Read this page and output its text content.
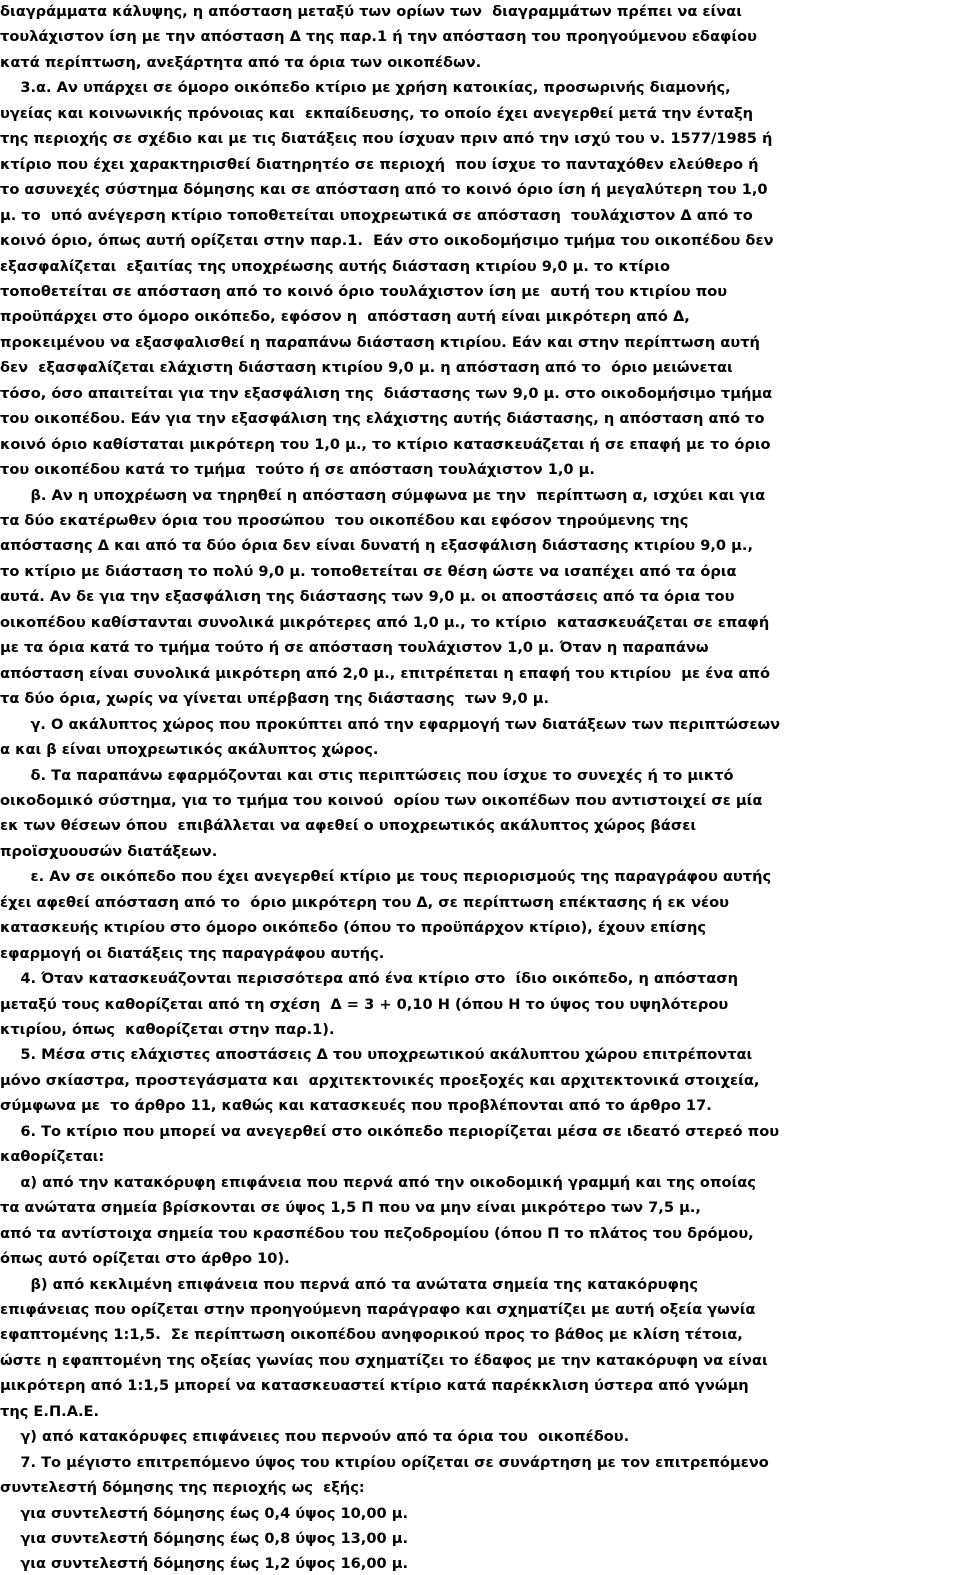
διαγράμματα κάλυψης, η απόσταση μεταξύ των ορίων των  διαγραμμάτων πρέπει να είναι
τουλάχιστον ίση με την απόσταση Δ της παρ.1 ή την απόσταση του προηγούμενου εδαφίου
κατά περίπτωση, ανεξάρτητα από τα όρια των οικοπέδων.
3.α. Αν υπάρχει σε όμορο οικόπεδο κτίριο με χρήση κατοικίας, προσωρινής διαμονής,
υγείας και κοινωνικής πρόνοιας και  εκπαίδευσης, το οποίο έχει ανεγερθεί μετά την ένταξη
της περιοχής σε σχέδιο και με τις διατάξεις που ίσχυαν πριν από την ισχύ του ν. 1577/1985 ή
κτίριο που έχει χαρακτηρισθεί διατηρητέο σε περιοχή  που ίσχυε το πανταχόθεν ελεύθερο ή
το ασυνεχές σύστημα δόμησης και σε απόσταση από το κοινό όριο ίση ή μεγαλύτερη του 1,0
μ. το  υπό ανέγερση κτίριο τοποθετείται υποχρεωτικά σε απόσταση  τουλάχιστον Δ από το
κοινό όριο, όπως αυτή ορίζεται στην παρ.1.  Εάν στο οικοδομήσιμο τμήμα του οικοπέδου δεν
εξασφαλίζεται  εξαιτίας της υποχρέωσης αυτής διάσταση κτιρίου 9,0 μ. το κτίριο
τοποθετείται σε απόσταση από το κοινό όριο τουλάχιστον ίση με  αυτή του κτιρίου που
προϋπάρχει στο όμορο οικόπεδο, εφόσον η  απόσταση αυτή είναι μικρότερη από Δ,
προκειμένου να εξασφαλισθεί η παραπάνω διάσταση κτιρίου. Εάν και στην περίπτωση αυτή
δεν  εξασφαλίζεται ελάχιστη διάσταση κτιρίου 9,0 μ. η απόσταση από το  όριο μειώνεται
τόσο, όσο απαιτείται για την εξασφάλιση της  διάστασης των 9,0 μ. στο οικοδομήσιμο τμήμα
του οικοπέδου. Εάν για την εξασφάλιση της ελάχιστης αυτής διάστασης, η απόσταση από το
κοινό όριο καθίσταται μικρότερη του 1,0 μ., το κτίριο κατασκευάζεται ή σε επαφή με το όριο
του οικοπέδου κατά το τμήμα  τούτο ή σε απόσταση τουλάχιστον 1,0 μ.
β. Αν η υποχρέωση να τηρηθεί η απόσταση σύμφωνα με την  περίπτωση α, ισχύει και για
τα δύο εκατέρωθεν όρια του προσώπου  του οικοπέδου και εφόσον τηρούμενης της
απόστασης Δ και από τα δύο όρια δεν είναι δυνατή η εξασφάλιση διάστασης κτιρίου 9,0 μ.,
το κτίριο με διάσταση το πολύ 9,0 μ. τοποθετείται σε θέση ώστε να ισαπέχει από τα όρια
αυτά. Αν δε για την εξασφάλιση της διάστασης των 9,0 μ. οι αποστάσεις από τα όρια του
οικοπέδου καθίστανται συνολικά μικρότερες από 1,0 μ., το κτίριο  κατασκευάζεται σε επαφή
με τα όρια κατά το τμήμα τούτο ή σε απόσταση τουλάχιστον 1,0 μ. Όταν η παραπάνω
απόσταση είναι συνολικά μικρότερη από 2,0 μ., επιτρέπεται η επαφή του κτιρίου  με ένα από
τα δύο όρια, χωρίς να γίνεται υπέρβαση της διάστασης  των 9,0 μ.
γ. Ο ακάλυπτος χώρος που προκύπτει από την εφαρμογή των διατάξεων των περιπτώσεων
α και β είναι υποχρεωτικός ακάλυπτος χώρος.
δ. Τα παραπάνω εφαρμόζονται και στις περιπτώσεις που ίσχυε το συνεχές ή το μικτό
οικοδομικό σύστημα, για το τμήμα του κοινού  ορίου των οικοπέδων που αντιστοιχεί σε μία
εκ των θέσεων όπου  επιβάλλεται να αφεθεί ο υποχρεωτικός ακάλυπτος χώρος βάσει
προϊσχυουσών διατάξεων.
ε. Αν σε οικόπεδο που έχει ανεγερθεί κτίριο με τους περιορισμούς της παραγράφου αυτής
έχει αφεθεί απόσταση από το  όριο μικρότερη του Δ, σε περίπτωση επέκτασης ή εκ νέου
κατασκευής κτιρίου στο όμορο οικόπεδο (όπου το προϋπάρχον κτίριο), έχουν επίσης
εφαρμογή οι διατάξεις της παραγράφου αυτής.
4. Όταν κατασκευάζονται περισσότερα από ένα κτίριο στο  ίδιο οικόπεδο, η απόσταση
μεταξύ τους καθορίζεται από τη σχέση  Δ = 3 + 0,10 Η (όπου Η το ύψος του υψηλότερου
κτιρίου, όπως  καθορίζεται στην παρ.1).
5. Μέσα στις ελάχιστες αποστάσεις Δ του υποχρεωτικού ακάλυπτου χώρου επιτρέπονται
μόνο σκίαστρα, προστεγάσματα και  αρχιτεκτονικές προεξοχές και αρχιτεκτονικά στοιχεία,
σύμφωνα με  το άρθρο 11, καθώς και κατασκευές που προβλέπονται από το άρθρο 17.
6. Το κτίριο που μπορεί να ανεγερθεί στο οικόπεδο περιορίζεται μέσα σε ιδεατό στερεό που
καθορίζεται:
α) από την κατακόρυφη επιφάνεια που περνά από την οικοδομική γραμμή και της οποίας
τα ανώτατα σημεία βρίσκονται σε ύψος 1,5 Π που να μην είναι μικρότερο των 7,5 μ.,
από τα αντίστοιχα σημεία του κρασπέδου του πεζοδρομίου (όπου Π το πλάτος του δρόμου,
όπως αυτό ορίζεται στο άρθρο 10).
β) από κεκλιμένη επιφάνεια που περνά από τα ανώτατα σημεία της κατακόρυφης
επιφάνειας που ορίζεται στην προηγούμενη παράγραφο και σχηματίζει με αυτή οξεία γωνία
εφαπτομένης 1:1,5.  Σε περίπτωση οικοπέδου ανηφορικού προς το βάθος με κλίση τέτοια,
ώστε η εφαπτομένη της οξείας γωνίας που σχηματίζει το έδαφος με την κατακόρυφη να είναι
μικρότερη από 1:1,5 μπορεί να κατασκευαστεί κτίριο κατά παρέκκλιση ύστερα από γνώμη
της Ε.Π.Α.Ε.
γ) από κατακόρυφες επιφάνειες που περνούν από τα όρια του  οικοπέδου.
7. Το μέγιστο επιτρεπόμενο ύψος του κτιρίου ορίζεται σε συνάρτηση με τον επιτρεπόμενο
συντελεστή δόμησης της περιοχής ως  εξής:
για συντελεστή δόμησης έως 0,4 ύψος 10,00 μ.
για συντελεστή δόμησης έως 0,8 ύψος 13,00 μ.
για συντελεστή δόμησης έως 1,2 ύψος 16,00 μ.
